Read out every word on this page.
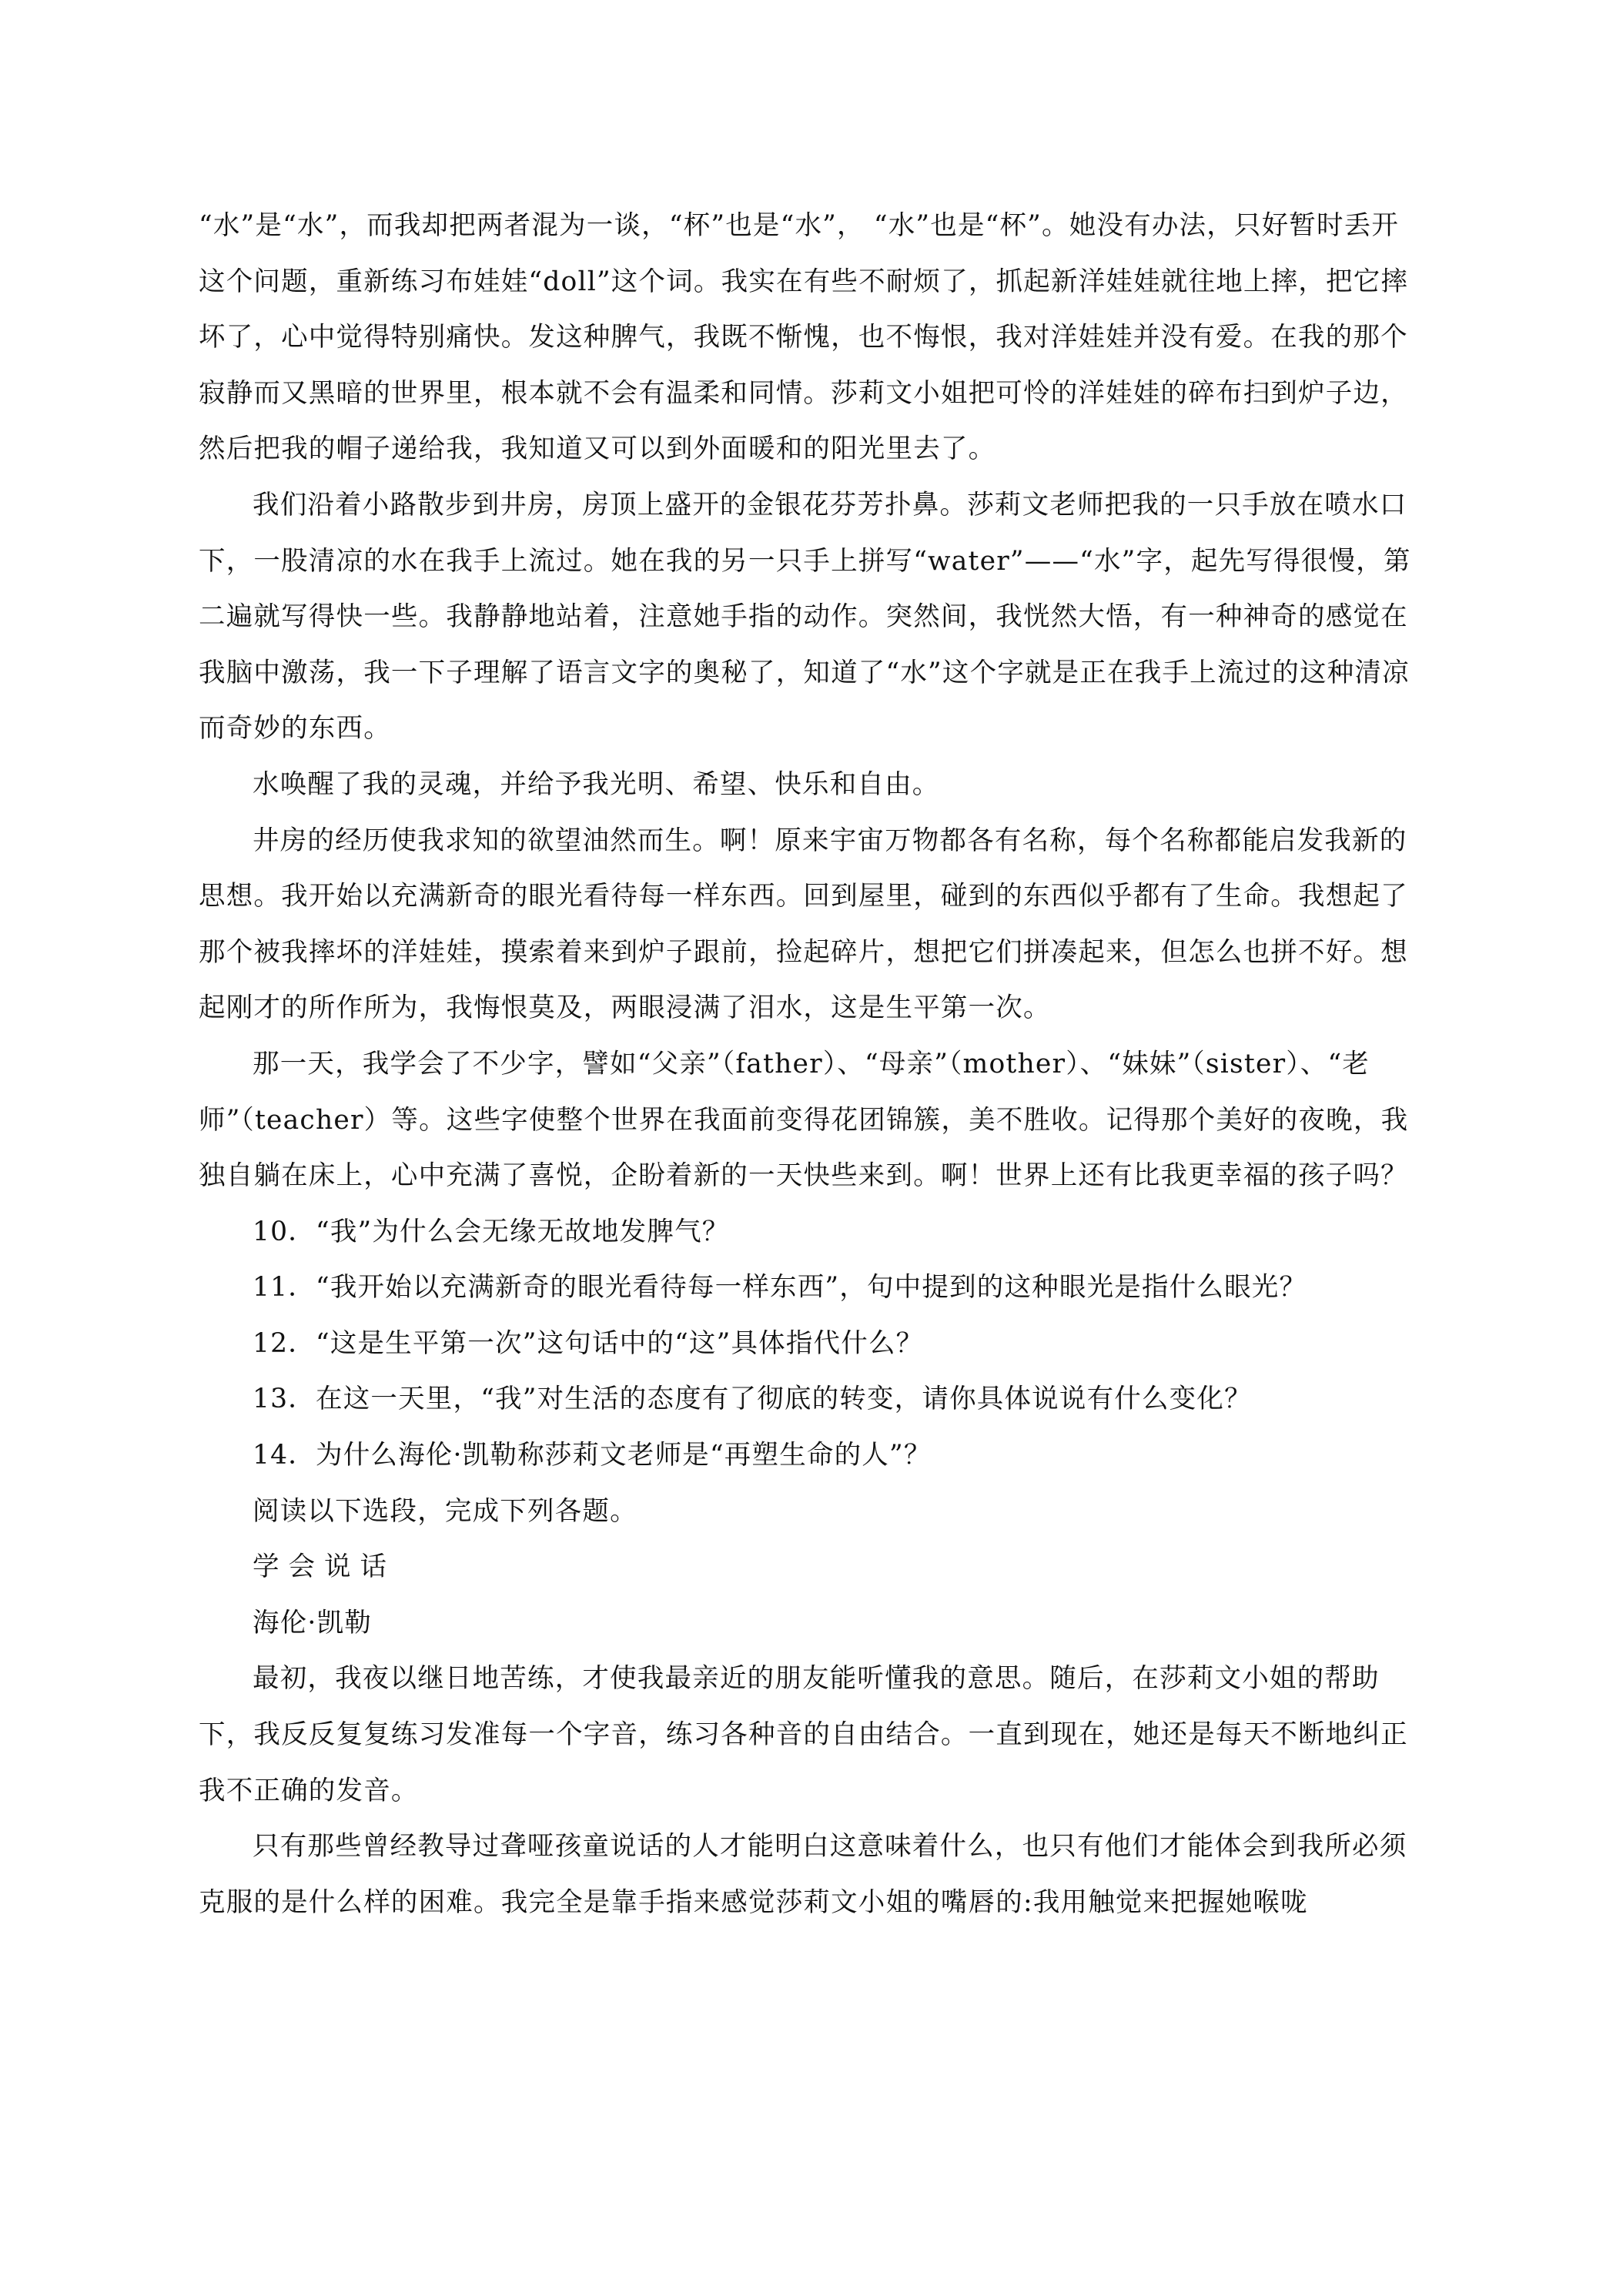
“水”是“水”，而我却把两者混为一谈，“杯”也是“水”， “水”也是“杯”。她没有办法，只好暂时丢开这个问题，重新练习布娃娃“doll”这个词。我实在有些不耐烦了，抓起新洋娃娃就往地上摔，把它摔坏了，心中觉得特别痛快。发这种脾气，我既不惭愧，也不悔恨，我对洋娃娃并没有爱。在我的那个寂静而又黑暗的世界里，根本就不会有温柔和同情。莎莉文小姐把可怜的洋娃娃的碎布扫到炉子边，然后把我的帽子递给我，我知道又可以到外面暖和的阳光里去了。

我们沿着小路散步到井房，房顶上盛开的金银花芬芳扑鼻。莎莉文老师把我的一只手放在喷水口下，一股清凉的水在我手上流过。她在我的另一只手上拼写“water”——“水”字，起先写得很慢，第二遍就写得快一些。我静静地站着，注意她手指的动作。突然间，我恍然大悟，有一种神奇的感觉在我脑中激荡，我一下子理解了语言文字的奥秘了，知道了“水”这个字就是正在我手上流过的这种清凉而奇妙的东西。

水唤醒了我的灵魂，并给予我光明、希望、快乐和自由。

井房的经历使我求知的欲望油然而生。啊！原来宇宙万物都各有名称，每个名称都能启发我新的思想。我开始以充满新奇的眼光看待每一样东西。回到屋里，碰到的东西似乎都有了生命。我想起了那个被我摔坏的洋娃娃，摸索着来到炉子跟前，捡起碎片，想把它们拼凑起来，但怎么也拼不好。想起刚才的所作所为，我悔恨莫及，两眼浸满了泪水，这是生平第一次。

那一天，我学会了不少字，譬如“父亲”（father）、“母亲”（mother）、“妹妹”（sister）、“老师”（teacher）等。这些字使整个世界在我面前变得花团锦簇，美不胜收。记得那个美好的夜晚，我独自躺在床上，心中充满了喜悦，企盼着新的一天快些来到。啊！世界上还有比我更幸福的孩子吗？

10．“我”为什么会无缘无故地发脾气？

11．“我开始以充满新奇的眼光看待每一样东西”，句中提到的这种眼光是指什么眼光？

12．“这是生平第一次”这句话中的“这”具体指代什么？

13．在这一天里，“我”对生活的态度有了彻底的转变，请你具体说说有什么变化？

14．为什么海伦·凯勒称莎莉文老师是“再塑生命的人”？

阅读以下选段，完成下列各题。

学会说话

海伦·凯勒

最初，我夜以继日地苦练，才使我最亲近的朋友能听懂我的意思。随后，在莎莉文小姐的帮助下，我反反复复练习发准每一个字音，练习各种音的自由结合。一直到现在，她还是每天不断地纠正我不正确的发音。

只有那些曾经教导过聋哑孩童说话的人才能明白这意味着什么，也只有他们才能体会到我所必须克服的是什么样的困难。我完全是靠手指来感觉莎莉文小姐的嘴唇的:我用触觉来把握她喉咙
